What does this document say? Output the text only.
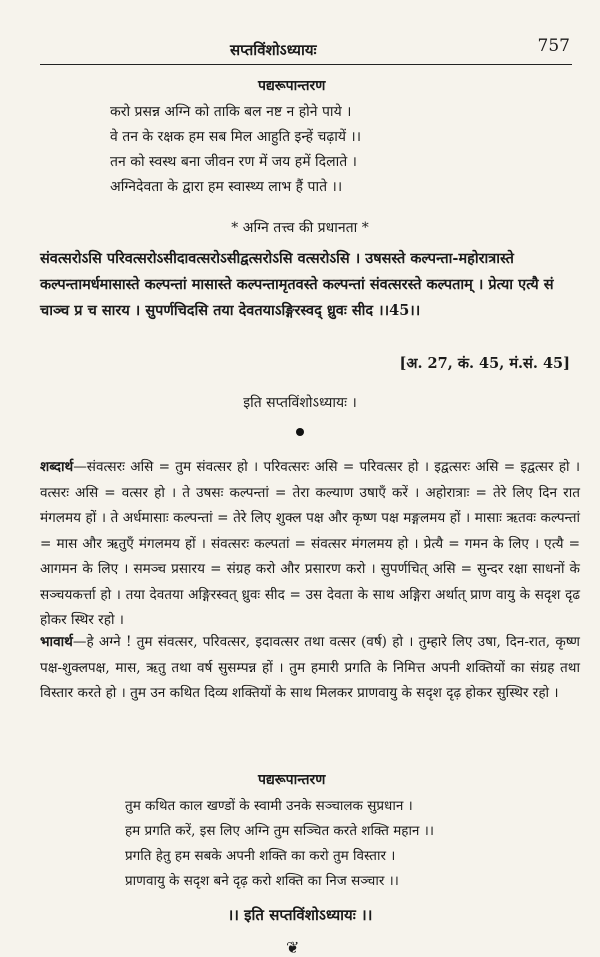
सप्तविंशोऽध्यायः	757
पद्यरूपान्तरण
करो प्रसन्न अग्नि को ताकि बल नष्ट न होने पाये ।
वे तन के रक्षक हम सब मिल आहुति इन्हें चढ़ायें ।।
तन को स्वस्थ बना जीवन रण में जय हमें दिलाते ।
अग्निदेवता के द्वारा हम स्वास्थ्य लाभ हैं पाते ।।
* अग्नि तत्त्व की प्रधानता *
संवत्सरोऽसि परिवत्सरोऽसीदावत्सरोऽसीद्वत्सरोऽसि वत्सरोऽसि । उषसस्ते कल्पन्ता-महोरात्रास्ते कल्पन्तामर्धमासास्ते कल्पन्तां मासास्ते कल्पन्तामृतवस्ते कल्पन्तां संवत्सरस्ते कल्पताम् । प्रेत्या एत्यै सं चाञ्च प्र च सारय । सुपर्णचिदसि तया देवतयाऽङ्गिरस्वद् ध्रुवः सीद ।।45।।
[अ. 27, कं. 45, मं.सं. 45]
इति सप्तविंशोऽध्यायः ।
शब्दार्थ—संवत्सरः असि = तुम संवत्सर हो । परिवत्सरः असि = परिवत्सर हो । इद्वत्सरः असि = इद्वत्सर हो । वत्सरः असि = वत्सर हो । ते उषसः कल्पन्तां = तेरा कल्याण उषाएँ करें । अहोरात्राः = तेरे लिए दिन रात मंगलमय हों । ते अर्धमासाः कल्पन्तां = तेरे लिए शुक्ल पक्ष और कृष्ण पक्ष मङ्गलमय हों । मासाः ऋतवः कल्पन्तां = मास और ऋतुएँ मंगलमय हों । संवत्सरः कल्पतां = संवत्सर मंगलमय हो । प्रेत्यै = गमन के लिए । एत्यै = आगमन के लिए । समञ्च प्रसारय = संग्रह करो और प्रसारण करो । सुपर्णचित् असि = सुन्दर रक्षा साधनों के सञ्चयकर्त्ता हो । तया देवतया अङ्गिरस्वत् ध्रुवः सीद = उस देवता के साथ अङ्गिरा अर्थात् प्राण वायु के सदृश दृढ होकर स्थिर रहो ।
भावार्थ—हे अग्ने ! तुम संवत्सर, परिवत्सर, इदावत्सर तथा वत्सर (वर्ष) हो । तुम्हारे लिए उषा, दिन-रात, कृष्ण पक्ष-शुक्लपक्ष, मास, ऋतु तथा वर्ष सुसम्पन्न हों । तुम हमारी प्रगति के निमित्त अपनी शक्तियों का संग्रह तथा विस्तार करते हो । तुम उन कथित दिव्य शक्तियों के साथ मिलकर प्राणवायु के सदृश दृढ़ होकर सुस्थिर रहो ।
पद्यरूपान्तरण
तुम कथित काल खण्डों के स्वामी उनके सञ्चालक सुप्रधान ।
हम प्रगति करें, इस लिए अग्नि तुम सञ्चित करते शक्ति महान ।।
प्रगति हेतु हम सबके अपनी शक्ति का करो तुम विस्तार ।
प्राणवायु के सदृश बने दृढ़ करो शक्ति का निज सञ्चार ।।
।। इति सप्तविंशोऽध्यायः ।।
❦
